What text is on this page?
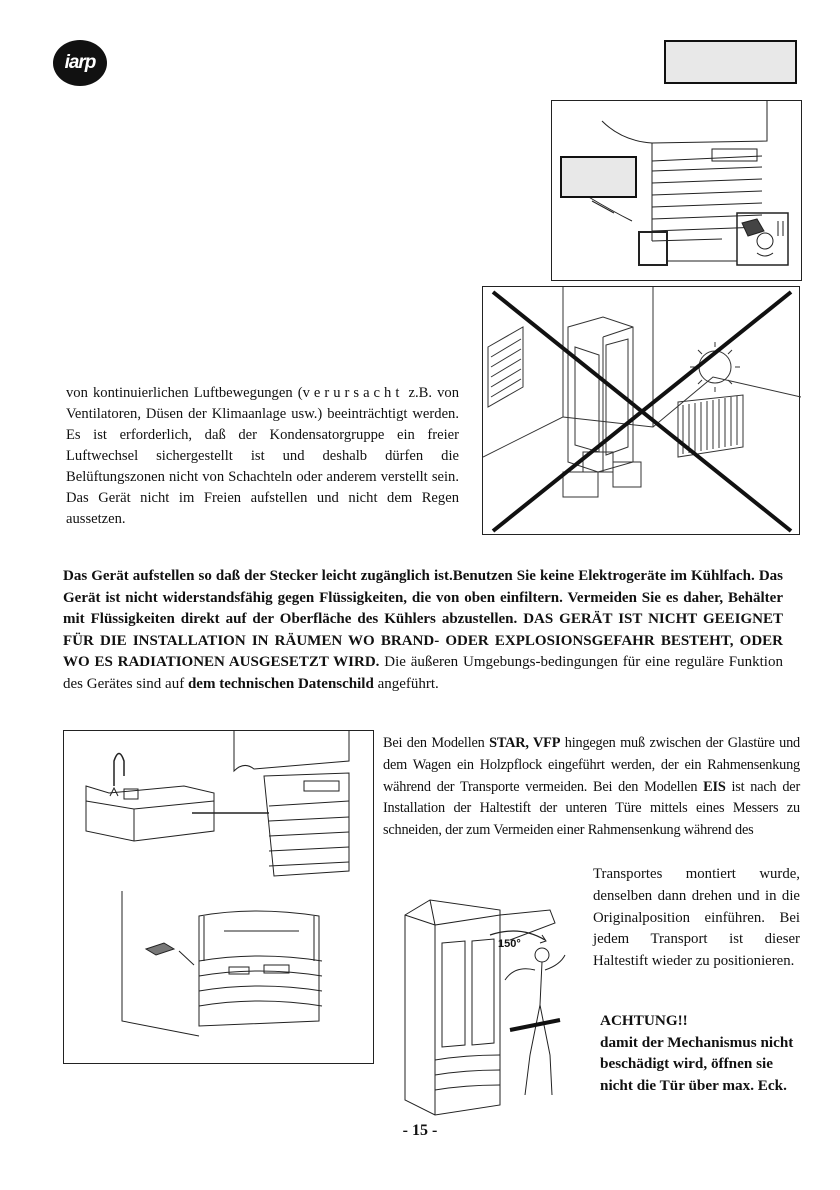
iarp
von kontinuierlichen Luftbewegungen (verursacht z.B. von Ventilatoren, Düsen der Klimaanlage usw.) beeinträchtigt werden. Es ist erforderlich, daß der Kondensatorgruppe ein freier Luftwechsel sichergestellt ist und deshalb dürfen die Belüftungszonen nicht von Schachteln oder anderem verstellt sein. Das Gerät nicht im Freien aufstellen und nicht dem Regen aussetzen.
Das Gerät aufstellen so daß der Stecker leicht zugänglich ist.Benutzen Sie keine Elektrogeräte im Kühlfach. Das Gerät ist nicht widerstandsfähig gegen Flüssigkeiten, die von oben einfiltern. Vermeiden Sie es daher, Behälter mit Flüssigkeiten direkt auf der Oberfläche des Kühlers abzustellen. DAS GERÄT IST NICHT GEEIGNET FÜR DIE INSTALLATION IN RÄUMEN WO BRAND- ODER EXPLOSIONSGEFAHR BESTEHT, ODER WO ES RADIATIONEN AUSGESETZT WIRD. Die äußeren Umgebungs-bedingungen für eine reguläre Funktion des Gerätes sind auf dem technischen Datenschild angeführt.
Bei den Modellen STAR, VFP hingegen muß zwischen der Glastüre und dem Wagen ein Holzpflock eingeführt werden, der ein Rahmensenkung während der Transporte vermeiden. Bei den Modellen EIS ist nach der Installation der Haltestift der unteren Türe mittels eines Messers zu schneiden, der zum Vermeiden einer Rahmensenkung während des
150°
Transportes montiert wurde, denselben dann drehen und in die Originalposition einführen. Bei jedem Transport ist dieser Haltestift wieder zu positionieren.
ACHTUNG!!
damit der Mechanismus nicht beschädigt wird, öffnen sie nicht die Tür über max. Eck.
- 15 -
